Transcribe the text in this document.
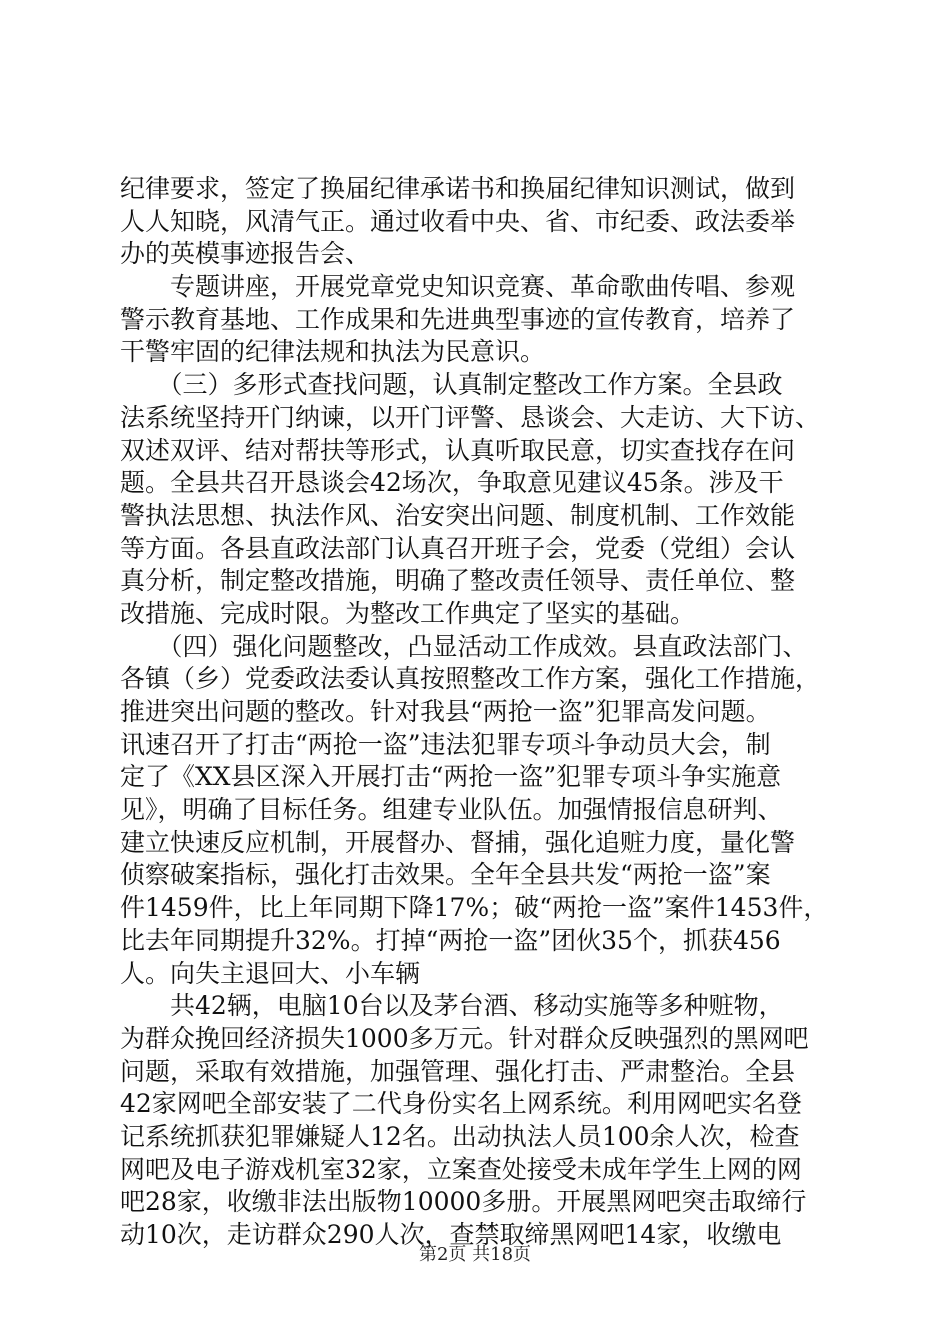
纪律要求，签定了换届纪律承诺书和换届纪律知识测试，做到
人人知晓，风清气正。通过收看中央、省、市纪委、政法委举
办的英模事迹报告会、
　　专题讲座，开展党章党史知识竞赛、革命歌曲传唱、参观
警示教育基地、工作成果和先进典型事迹的宣传教育，培养了
干警牢固的纪律法规和执法为民意识。
　　（三）多形式查找问题，认真制定整改工作方案。全县政
法系统坚持开门纳谏，以开门评警、恳谈会、大走访、大下访、
双述双评、结对帮扶等形式，认真听取民意，切实查找存在问
题。全县共召开恳谈会42场次，争取意见建议45条。涉及干
警执法思想、执法作风、治安突出问题、制度机制、工作效能
等方面。各县直政法部门认真召开班子会，党委（党组）会认
真分析，制定整改措施，明确了整改责任领导、责任单位、整
改措施、完成时限。为整改工作典定了坚实的基础。
　　（四）强化问题整改，凸显活动工作成效。县直政法部门、
各镇（乡）党委政法委认真按照整改工作方案，强化工作措施，
推进突出问题的整改。针对我县“两抢一盗”犯罪高发问题。
讯速召开了打击“两抢一盗”违法犯罪专项斗争动员大会，制
定了《XX县区深入开展打击“两抢一盗”犯罪专项斗争实施意
见》，明确了目标任务。组建专业队伍。加强情报信息研判、
建立快速反应机制，开展督办、督捕，强化追赃力度，量化警
侦察破案指标，强化打击效果。全年全县共发“两抢一盗”案
件1459件，比上年同期下降17%；破“两抢一盗”案件1453件，
比去年同期提升32%。打掉“两抢一盗”团伙35个，抓获456
人。向失主退回大、小车辆
　　共42辆，电脑10台以及茅台酒、移动实施等多种赃物，
为群众挽回经济损失1000多万元。针对群众反映强烈的黑网吧
问题，采取有效措施，加强管理、强化打击、严肃整治。全县
42家网吧全部安装了二代身份实名上网系统。利用网吧实名登
记系统抓获犯罪嫌疑人12名。出动执法人员100余人次，检查
网吧及电子游戏机室32家，立案查处接受未成年学生上网的网
吧28家，收缴非法出版物10000多册。开展黑网吧突击取缔行
动10次，走访群众290人次，查禁取缔黑网吧14家，收缴电
第2页 共18页
